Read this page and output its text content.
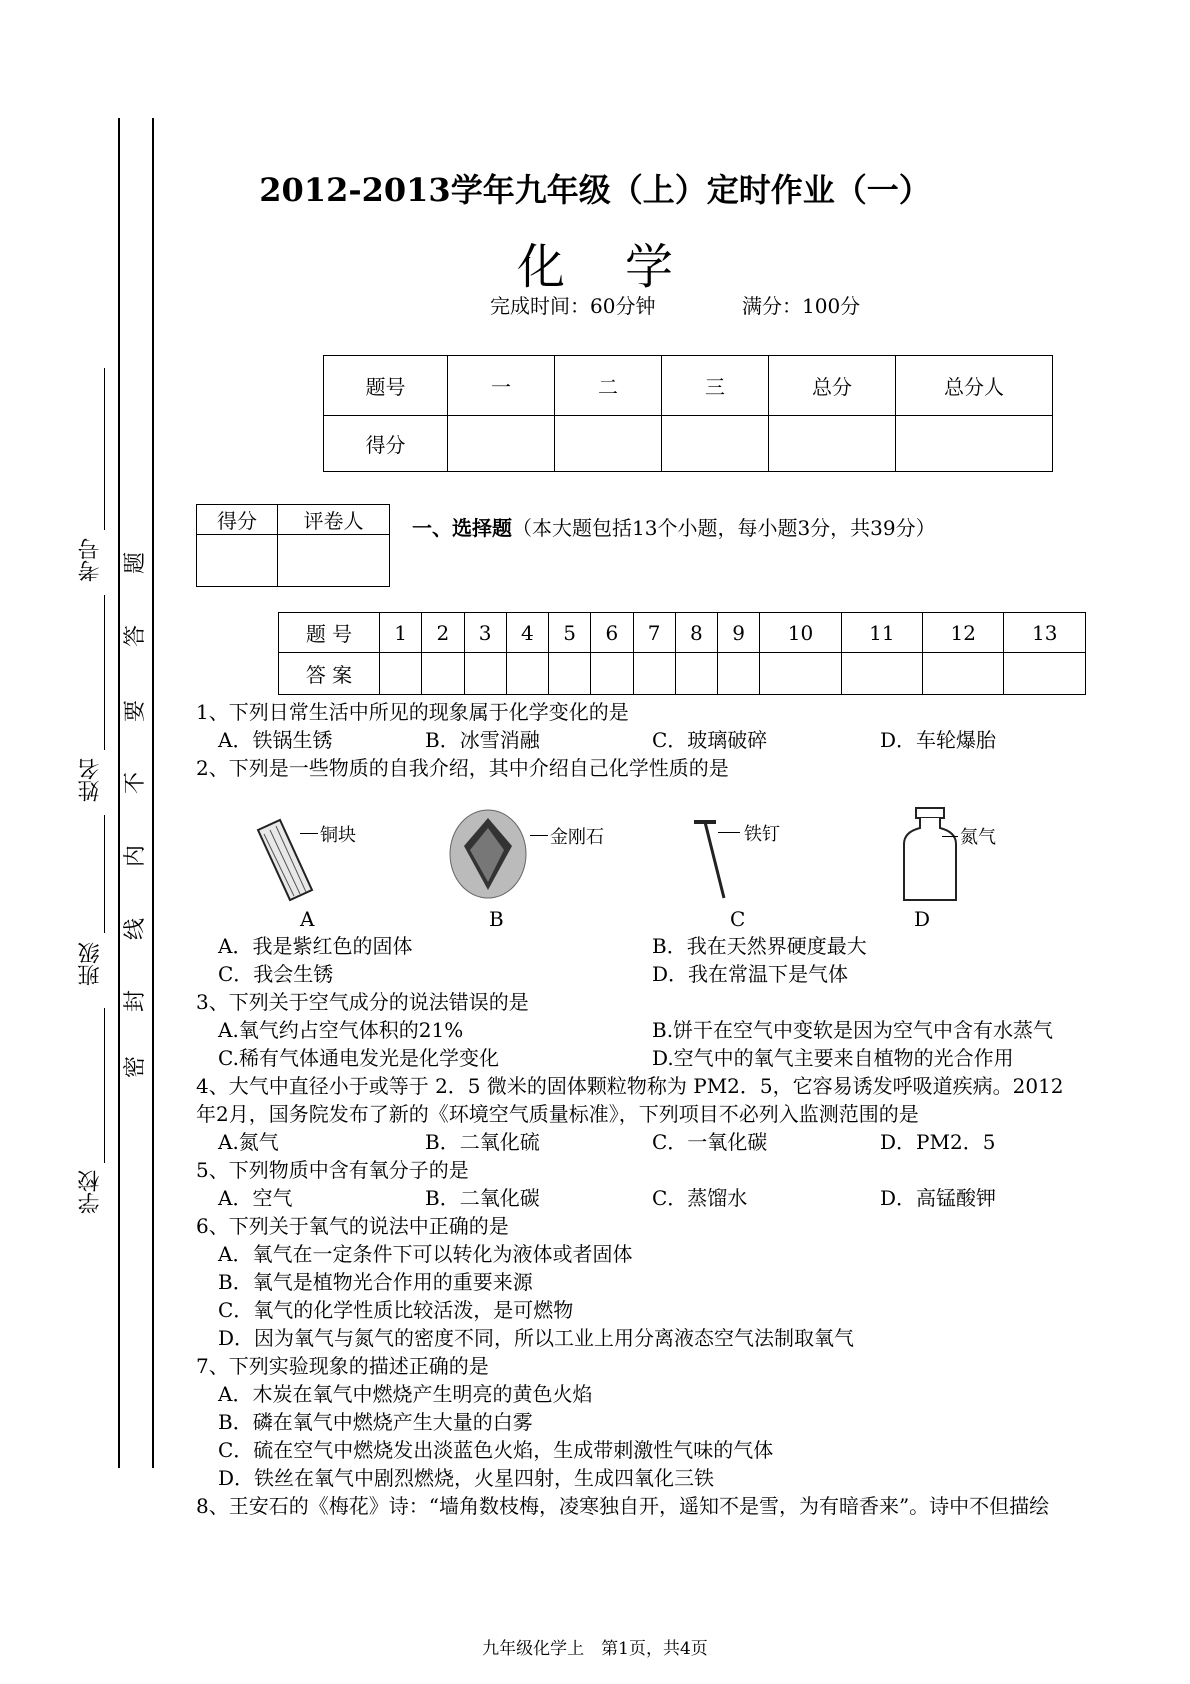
考号
姓名
班级
学校
密
封
线
内
不
要
答
题
2012-2013学年九年级（上）定时作业（一）
化学
完成时间：60分钟	满分：100分
题号	一	二	三	总分	总分人
得分					
得分	评卷人
	一、选择题（本大题包括13个小题，每小题3分，共39分）
题 号	1	2	3	4	5	6	7	8	9	10	11	12	13
答 案													
1、下列日常生活中所见的现象属于化学变化的是
A．铁锅生锈	B．冰雪消融	C．玻璃破碎	D．车轮爆胎
2、下列是一些物质的自我介绍，其中介绍自己化学性质的是
铜块	金刚石	铁钉	氮气
A	B	C	D
A．我是紫红色的固体	B．我在天然界硬度最大
C．我会生锈	D．我在常温下是气体
3、下列关于空气成分的说法错误的是
A.氧气约占空气体积的21%	B.饼干在空气中变软是因为空气中含有水蒸气
C.稀有气体通电发光是化学变化	D.空气中的氧气主要来自植物的光合作用
4、大气中直径小于或等于 2．5 微米的固体颗粒物称为 PM2．5，它容易诱发呼吸道疾病。2012
年2月，国务院发布了新的《环境空气质量标准》，下列项目不必列入监测范围的是
A.氮气	B．二氧化硫	C．一氧化碳	D．PM2．5
5、下列物质中含有氧分子的是
A．空气	B．二氧化碳	C．蒸馏水	D．高锰酸钾
6、下列关于氧气的说法中正确的是
A．氧气在一定条件下可以转化为液体或者固体
B．氧气是植物光合作用的重要来源
C．氧气的化学性质比较活泼，是可燃物
D．因为氧气与氮气的密度不同，所以工业上用分离液态空气法制取氧气
7、下列实验现象的描述正确的是
A．木炭在氧气中燃烧产生明亮的黄色火焰
B．磷在氧气中燃烧产生大量的白雾
C．硫在空气中燃烧发出淡蓝色火焰，生成带刺激性气味的气体
D．铁丝在氧气中剧烈燃烧，火星四射，生成四氧化三铁
8、王安石的《梅花》诗：“墙角数枝梅，凌寒独自开，遥知不是雪，为有暗香来”。诗中不但描绘
九年级化学上　第1页，共4页
